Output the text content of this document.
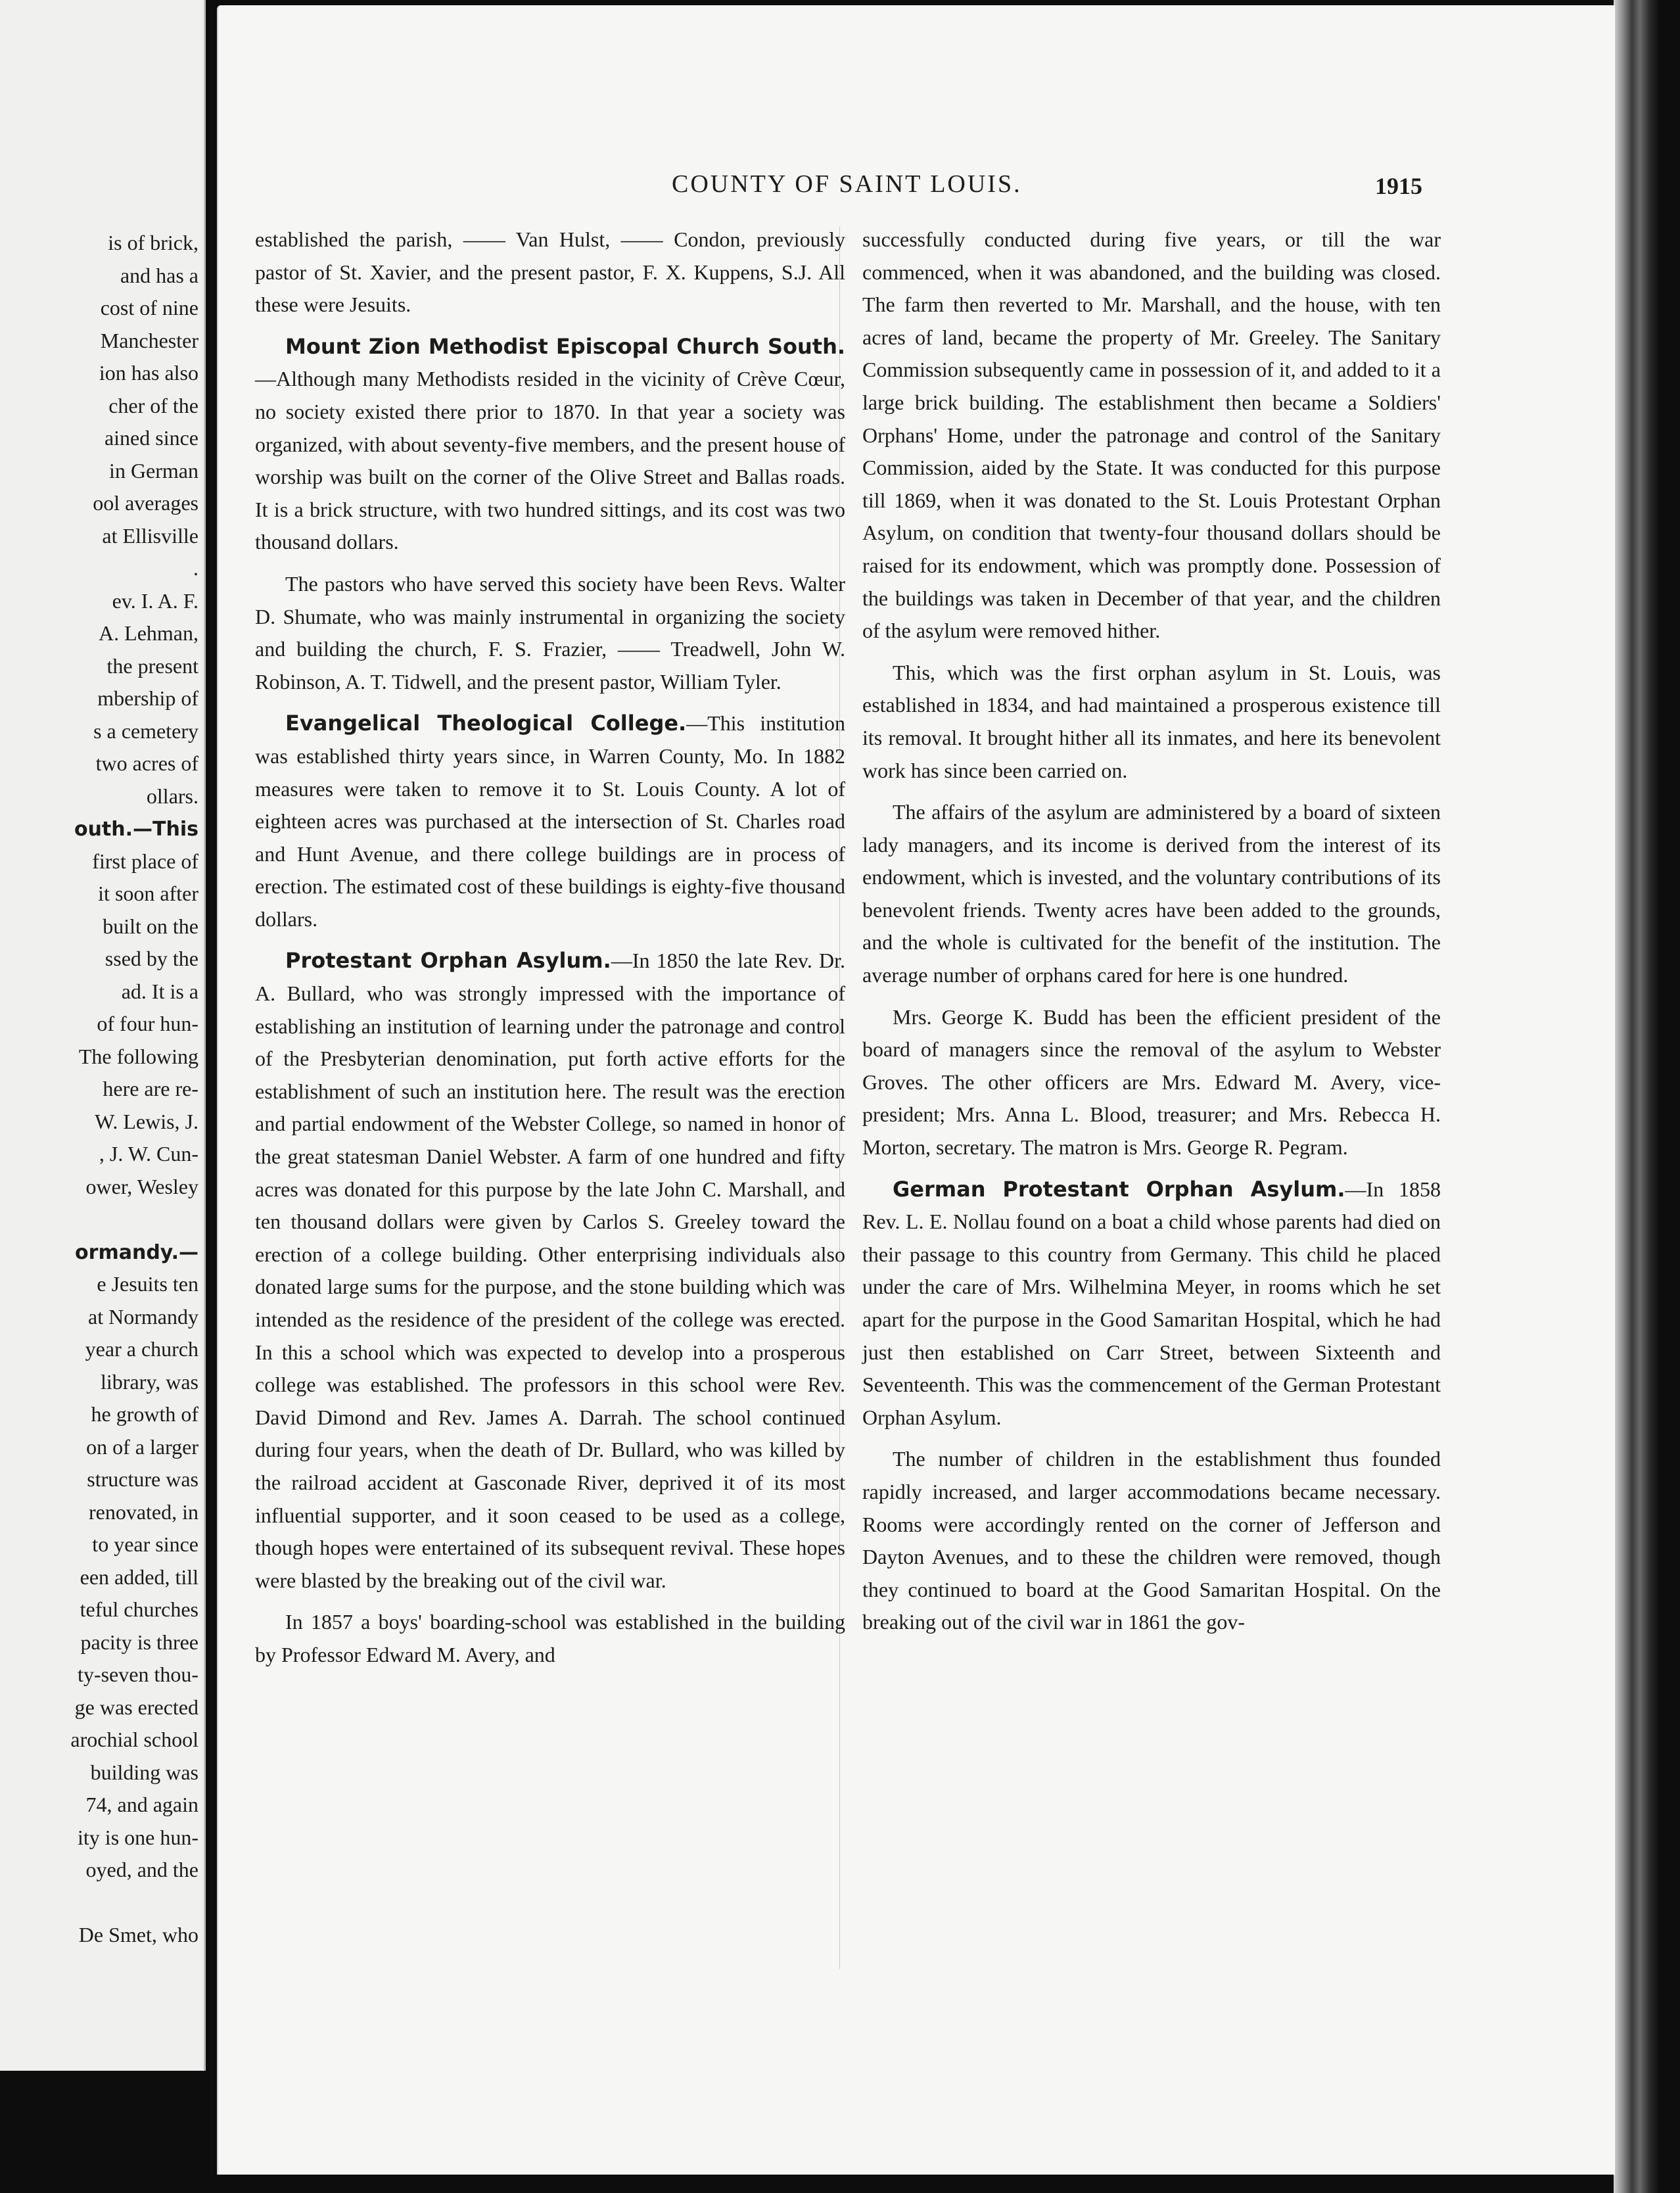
is of brick,
and has a
cost of nine
Manchester
ion has also
cher of the
ained since
in German
ool averages
at Ellisville
.
ev. I. A. F.
A. Lehman,
the present
mbership of
s a cemetery
two acres of
ollars.
outh.—This
first place of
it soon after
built on the
ssed by the
ad. It is a
of four hun-
The following
here are re-
W. Lewis, J.
, J. W. Cun-
ower, Wesley
ormandy.—
e Jesuits ten
at Normandy
year a church
library, was
he growth of
on of a larger
structure was
renovated, in
to year since
een added, till
teful churches
pacity is three
ty-seven thou-
ge was erected
arochial school
building was
74, and again
ity is one hun-
oyed, and the
De Smet, who
COUNTY OF SAINT LOUIS.	1915

established the parish, —— Van Hulst, —— Condon, previously pastor of St. Xavier, and the present pastor, F. X. Kuppens, S.J. All these were Jesuits.

Mount Zion Methodist Episcopal Church South.—Although many Methodists resided in the vicinity of Crève Cœur, no society existed there prior to 1870. In that year a society was organized, with about seventy-five members, and the present house of worship was built on the corner of the Olive Street and Ballas roads. It is a brick structure, with two hundred sittings, and its cost was two thousand dollars.

The pastors who have served this society have been Revs. Walter D. Shumate, who was mainly instrumental in organizing the society and building the church, F. S. Frazier, —— Treadwell, John W. Robinson, A. T. Tidwell, and the present pastor, William Tyler.

Evangelical Theological College.—This institution was established thirty years since, in Warren County, Mo. In 1882 measures were taken to remove it to St. Louis County. A lot of eighteen acres was purchased at the intersection of St. Charles road and Hunt Avenue, and there college buildings are in process of erection. The estimated cost of these buildings is eighty-five thousand dollars.

Protestant Orphan Asylum.—In 1850 the late Rev. Dr. A. Bullard, who was strongly impressed with the importance of establishing an institution of learning under the patronage and control of the Presbyterian denomination, put forth active efforts for the establishment of such an institution here. The result was the erection and partial endowment of the Webster College, so named in honor of the great statesman Daniel Webster. A farm of one hundred and fifty acres was donated for this purpose by the late John C. Marshall, and ten thousand dollars were given by Carlos S. Greeley toward the erection of a college building. Other enterprising individuals also donated large sums for the purpose, and the stone building which was intended as the residence of the president of the college was erected. In this a school which was expected to develop into a prosperous college was established. The professors in this school were Rev. David Dimond and Rev. James A. Darrah. The school continued during four years, when the death of Dr. Bullard, who was killed by the railroad accident at Gasconade River, deprived it of its most influential supporter, and it soon ceased to be used as a college, though hopes were entertained of its subsequent revival. These hopes were blasted by the breaking out of the civil war.

In 1857 a boys' boarding-school was established in the building by Professor Edward M. Avery, and

successfully conducted during five years, or till the war commenced, when it was abandoned, and the building was closed. The farm then reverted to Mr. Marshall, and the house, with ten acres of land, became the property of Mr. Greeley. The Sanitary Commission subsequently came in possession of it, and added to it a large brick building. The establishment then became a Soldiers' Orphans' Home, under the patronage and control of the Sanitary Commission, aided by the State. It was conducted for this purpose till 1869, when it was donated to the St. Louis Protestant Orphan Asylum, on condition that twenty-four thousand dollars should be raised for its endowment, which was promptly done. Possession of the buildings was taken in December of that year, and the children of the asylum were removed hither.

This, which was the first orphan asylum in St. Louis, was established in 1834, and had maintained a prosperous existence till its removal. It brought hither all its inmates, and here its benevolent work has since been carried on.

The affairs of the asylum are administered by a board of sixteen lady managers, and its income is derived from the interest of its endowment, which is invested, and the voluntary contributions of its benevolent friends. Twenty acres have been added to the grounds, and the whole is cultivated for the benefit of the institution. The average number of orphans cared for here is one hundred.

Mrs. George K. Budd has been the efficient president of the board of managers since the removal of the asylum to Webster Groves. The other officers are Mrs. Edward M. Avery, vice-president; Mrs. Anna L. Blood, treasurer; and Mrs. Rebecca H. Morton, secretary. The matron is Mrs. George R. Pegram.

German Protestant Orphan Asylum.—In 1858 Rev. L. E. Nollau found on a boat a child whose parents had died on their passage to this country from Germany. This child he placed under the care of Mrs. Wilhelmina Meyer, in rooms which he set apart for the purpose in the Good Samaritan Hospital, which he had just then established on Carr Street, between Sixteenth and Seventeenth. This was the commencement of the German Protestant Orphan Asylum.

The number of children in the establishment thus founded rapidly increased, and larger accommodations became necessary. Rooms were accordingly rented on the corner of Jefferson and Dayton Avenues, and to these the children were removed, though they continued to board at the Good Samaritan Hospital. On the breaking out of the civil war in 1861 the gov-
